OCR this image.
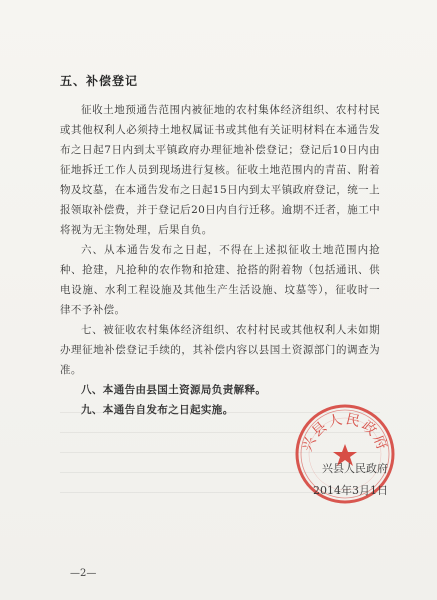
五、补偿登记

征收土地预通告范围内被征地的农村集体经济组织、农村村民或其他权利人必须持土地权属证书或其他有关证明材料在本通告发布之日起7日内到太平镇政府办理征地补偿登记；登记后10日内由征地拆迁工作人员到现场进行复核。征收土地范围内的青苗、附着物及坟墓，在本通告发布之日起15日内到太平镇政府登记，统一上报领取补偿费，并于登记后20日内自行迁移。逾期不迁者，施工中将视为无主物处理，后果自负。

六、从本通告发布之日起，不得在上述拟征收土地范围内抢种、抢建，凡抢种的农作物和抢建、抢搭的附着物（包括通讯、供电设施、水利工程设施及其他生产生活设施、坟墓等），征收时一律不予补偿。

七、被征收农村集体经济组织、农村村民或其他权利人未如期办理征地补偿登记手续的，其补偿内容以县国土资源部门的调查为准。

八、本通告由县国土资源局负责解释。

九、本通告自发布之日起实施。

兴县人民政府
兴县人民政府
2014年3月1日
—2—
